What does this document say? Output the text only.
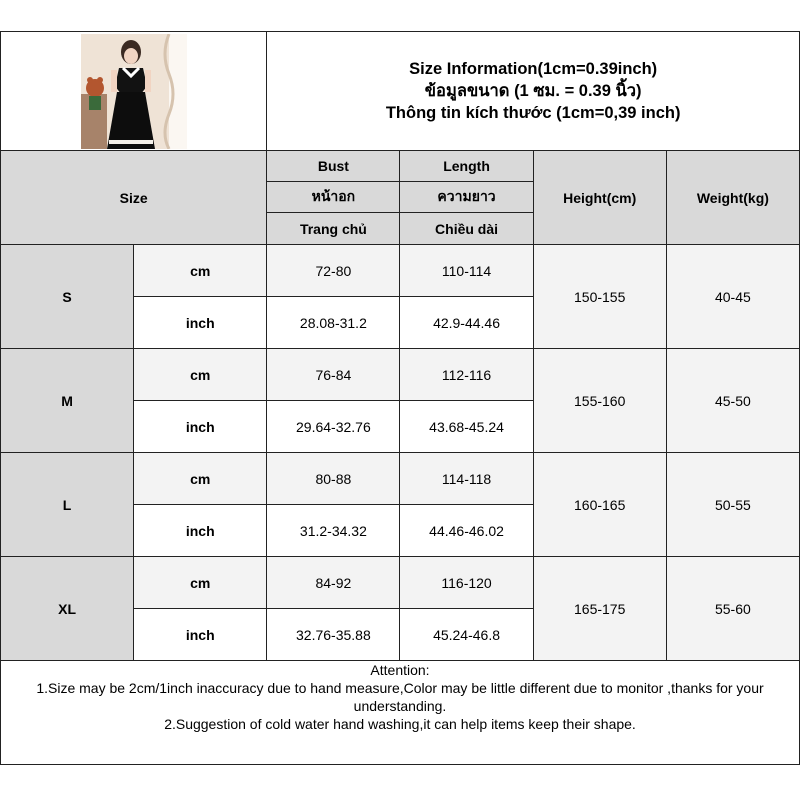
Size Information(1cm=0.39inch)
ข้อมูลขนาด (1 ซม. = 0.39 นิ้ว)
Thông tin kích thước (1cm=0,39 inch)			

Size		Bust	Length	Height(cm)	Weight(kg)
		หน้าอก	ความยาว		
		Trang chủ	Chiều dài		
S	cm	72-80	110-114	150-155	40-45
	inch	28.08-31.2	42.9-44.46		
M	cm	76-84	112-116	155-160	45-50
	inch	29.64-32.76	43.68-45.24		
L	cm	80-88	114-118	160-165	50-55
	inch	31.2-34.32	44.46-46.02		
XL	cm	84-92	116-120	165-175	55-60
	inch	32.76-35.88	45.24-46.8		

Attention:
1.Size may be 2cm/1inch inaccuracy due to hand measure,Color may be little different due to monitor ,thanks for your understanding.
2.Suggestion of cold water hand washing,it can help items keep their shape.					
